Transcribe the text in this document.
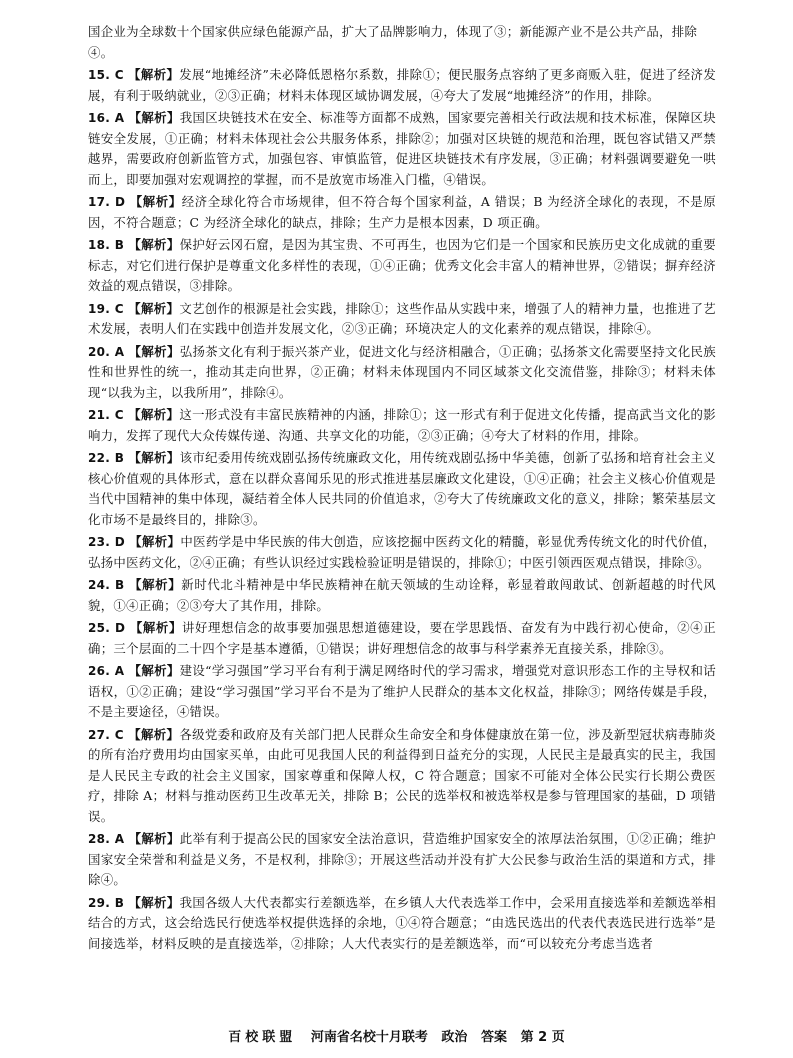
国企业为全球数十个国家供应绿色能源产品，扩大了品牌影响力，体现了③；新能源产业不是公共产品，排除④。

15. C 【解析】发展“地摊经济”未必降低恩格尔系数，排除①；便民服务点容纳了更多商贩入驻，促进了经济发展，有利于吸纳就业，②③正确；材料未体现区域协调发展，④夸大了发展“地摊经济”的作用，排除。

16. A 【解析】我国区块链技术在安全、标准等方面都不成熟，国家要完善相关行政法规和技术标准，保障区块链安全发展，①正确；材料未体现社会公共服务体系，排除②；加强对区块链的规范和治理，既包容试错又严禁越界，需要政府创新监管方式，加强包容、审慎监管，促进区块链技术有序发展，③正确；材料强调要避免一哄而上，即要加强对宏观调控的掌握，而不是放宽市场准入门槛，④错误。

17. D 【解析】经济全球化符合市场规律，但不符合每个国家利益，A 错误；B 为经济全球化的表现，不是原因，不符合题意；C 为经济全球化的缺点，排除；生产力是根本因素，D 项正确。

18. B 【解析】保护好云冈石窟，是因为其宝贵、不可再生，也因为它们是一个国家和民族历史文化成就的重要标志，对它们进行保护是尊重文化多样性的表现，①④正确；优秀文化会丰富人的精神世界，②错误；摒弃经济效益的观点错误，③排除。

19. C 【解析】文艺创作的根源是社会实践，排除①；这些作品从实践中来，增强了人的精神力量，也推进了艺术发展，表明人们在实践中创造并发展文化，②③正确；环境决定人的文化素养的观点错误，排除④。

20. A 【解析】弘扬茶文化有利于振兴茶产业，促进文化与经济相融合，①正确；弘扬茶文化需要坚持文化民族性和世界性的统一，推动其走向世界，②正确；材料未体现国内不同区域茶文化交流借鉴，排除③；材料未体现“以我为主，以我所用”，排除④。

21. C 【解析】这一形式没有丰富民族精神的内涵，排除①；这一形式有利于促进文化传播，提高武当文化的影响力，发挥了现代大众传媒传递、沟通、共享文化的功能，②③正确；④夸大了材料的作用，排除。

22. B 【解析】该市纪委用传统戏剧弘扬传统廉政文化，用传统戏剧弘扬中华美德，创新了弘扬和培育社会主义核心价值观的具体形式，意在以群众喜闻乐见的形式推进基层廉政文化建设，①④正确；社会主义核心价值观是当代中国精神的集中体现，凝结着全体人民共同的价值追求，②夸大了传统廉政文化的意义，排除；繁荣基层文化市场不是最终目的，排除③。

23. D 【解析】中医药学是中华民族的伟大创造，应该挖掘中医药文化的精髓，彰显优秀传统文化的时代价值，弘扬中医药文化，②④正确；有些认识经过实践检验证明是错误的，排除①；中医引领西医观点错误，排除③。

24. B 【解析】新时代北斗精神是中华民族精神在航天领域的生动诠释，彰显着敢闯敢试、创新超越的时代风貌，①④正确；②③夸大了其作用，排除。

25. D 【解析】讲好理想信念的故事要加强思想道德建设，要在学思践悟、奋发有为中践行初心使命，②④正确；三个层面的二十四个字是基本遵循，①错误；讲好理想信念的故事与科学素养无直接关系，排除③。

26. A 【解析】建设“学习强国”学习平台有利于满足网络时代的学习需求，增强党对意识形态工作的主导权和话语权，①②正确；建设“学习强国”学习平台不是为了维护人民群众的基本文化权益，排除③；网络传媒是手段，不是主要途径，④错误。

27. C 【解析】各级党委和政府及有关部门把人民群众生命安全和身体健康放在第一位，涉及新型冠状病毒肺炎的所有治疗费用均由国家买单，由此可见我国人民的利益得到日益充分的实现，人民民主是最真实的民主，我国是人民民主专政的社会主义国家，国家尊重和保障人权，C 符合题意；国家不可能对全体公民实行长期公费医疗，排除 A；材料与推动医药卫生改革无关，排除 B；公民的选举权和被选举权是参与管理国家的基础，D 项错误。

28. A 【解析】此举有利于提高公民的国家安全法治意识，营造维护国家安全的浓厚法治氛围，①②正确；维护国家安全荣誉和利益是义务，不是权利，排除③；开展这些活动并没有扩大公民参与政治生活的渠道和方式，排除④。

29. B 【解析】我国各级人大代表都实行差额选举，在乡镇人大代表选举工作中，会采用直接选举和差额选举相结合的方式，这会给选民行使选举权提供选择的余地，①④符合题意；“由选民选出的代表代表选民进行选举”是间接选举，材料反映的是直接选举，②排除；人大代表实行的是差额选举，而“可以较充分考虑当选者

百校联盟 河南省名校十月联考 政治 答案 第 2 页
